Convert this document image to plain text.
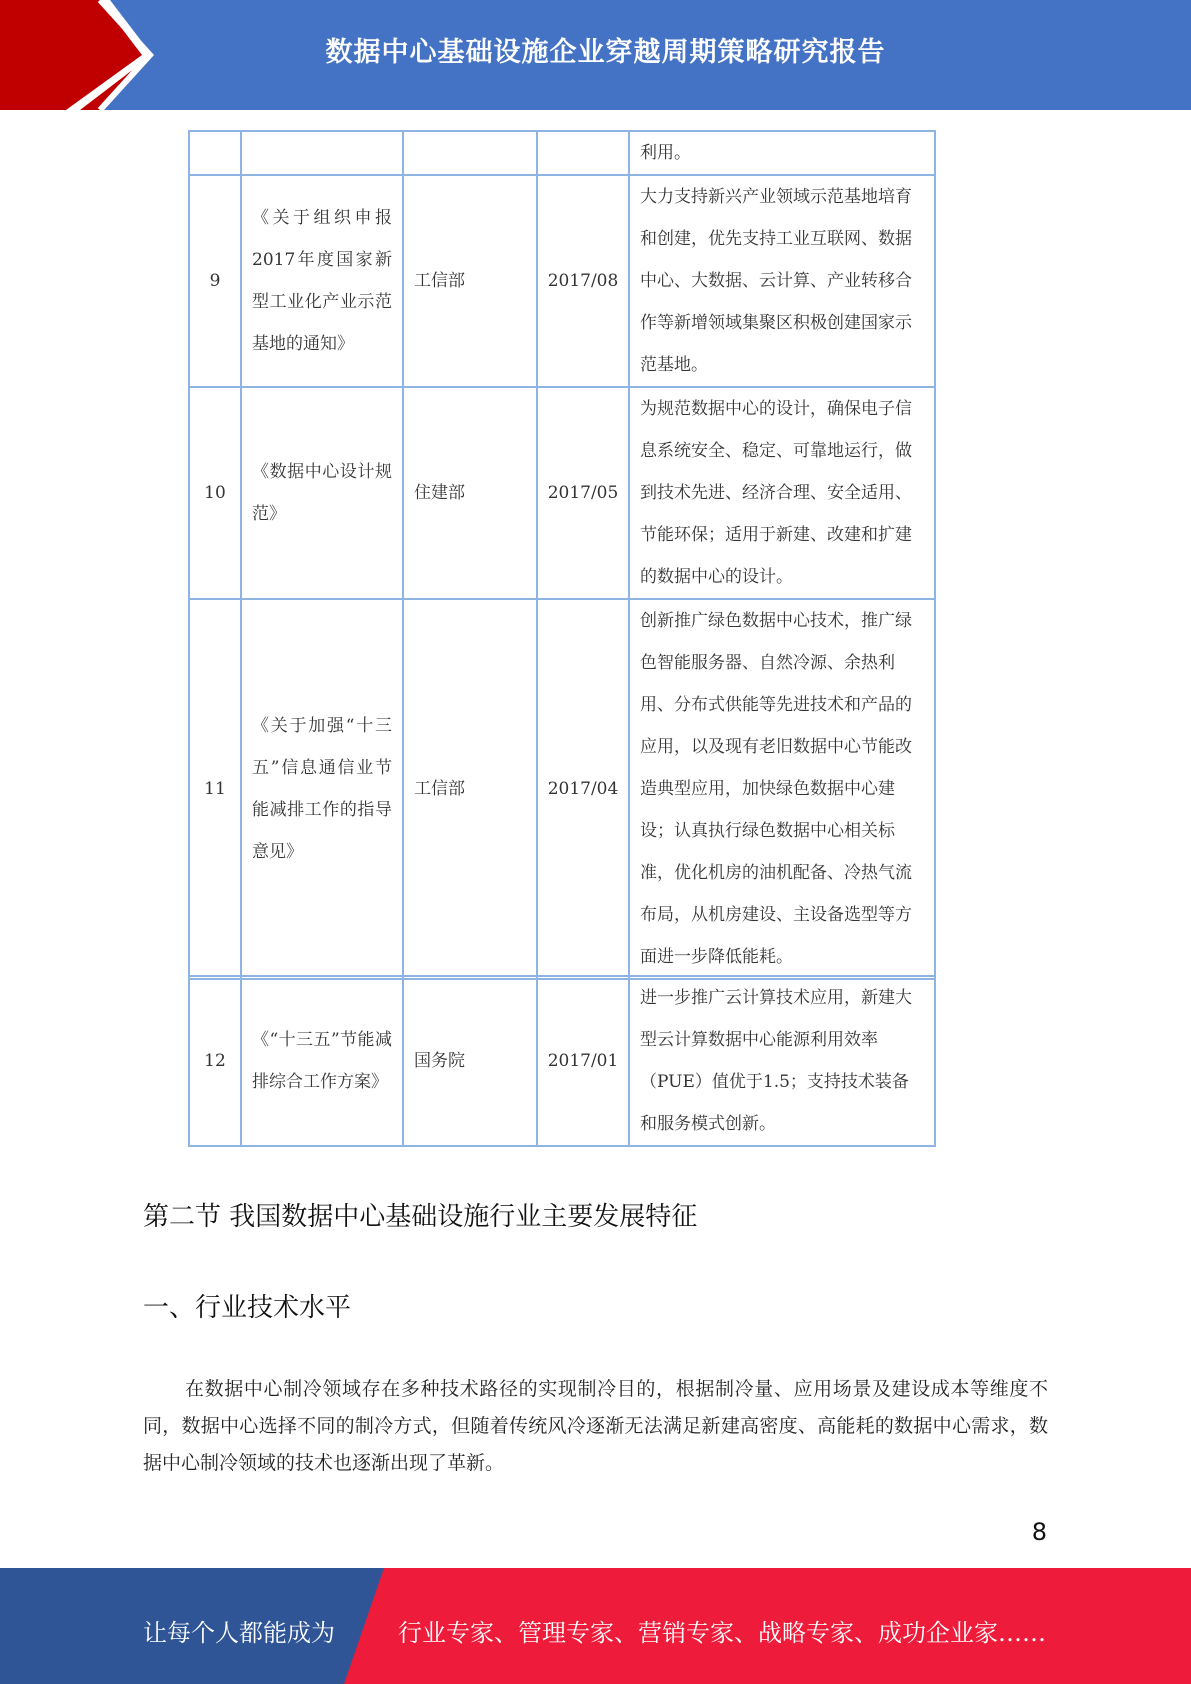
数据中心基础设施企业穿越周期策略研究报告
				利用。
9	《关于组织申报2017年度国家新型工业化产业示范基地的通知》	工信部	2017/08	大力支持新兴产业领域示范基地培育和创建，优先支持工业互联网、数据中心、大数据、云计算、产业转移合作等新增领域集聚区积极创建国家示范基地。
10	《数据中心设计规范》	住建部	2017/05	为规范数据中心的设计，确保电子信息系统安全、稳定、可靠地运行，做到技术先进、经济合理、安全适用、节能环保；适用于新建、改建和扩建的数据中心的设计。
11	《关于加强“十三五”信息通信业节能减排工作的指导意见》	工信部	2017/04	创新推广绿色数据中心技术，推广绿色智能服务器、自然冷源、余热利用、分布式供能等先进技术和产品的应用，以及现有老旧数据中心节能改造典型应用，加快绿色数据中心建设；认真执行绿色数据中心相关标准，优化机房的油机配备、冷热气流布局，从机房建设、主设备选型等方面进一步降低能耗。
12	《“十三五”节能减排综合工作方案》	国务院	2017/01	进一步推广云计算技术应用，新建大型云计算数据中心能源利用效率（PUE）值优于1.5；支持技术装备和服务模式创新。
第二节 我国数据中心基础设施行业主要发展特征
一、行业技术水平

在数据中心制冷领域存在多种技术路径的实现制冷目的，根据制冷量、应用场景及建设成本等维度不同，数据中心选择不同的制冷方式，但随着传统风冷逐渐无法满足新建高密度、高能耗的数据中心需求，数据中心制冷领域的技术也逐渐出现了革新。

8
让每个人都能成为	行业专家、管理专家、营销专家、战略专家、成功企业家……
